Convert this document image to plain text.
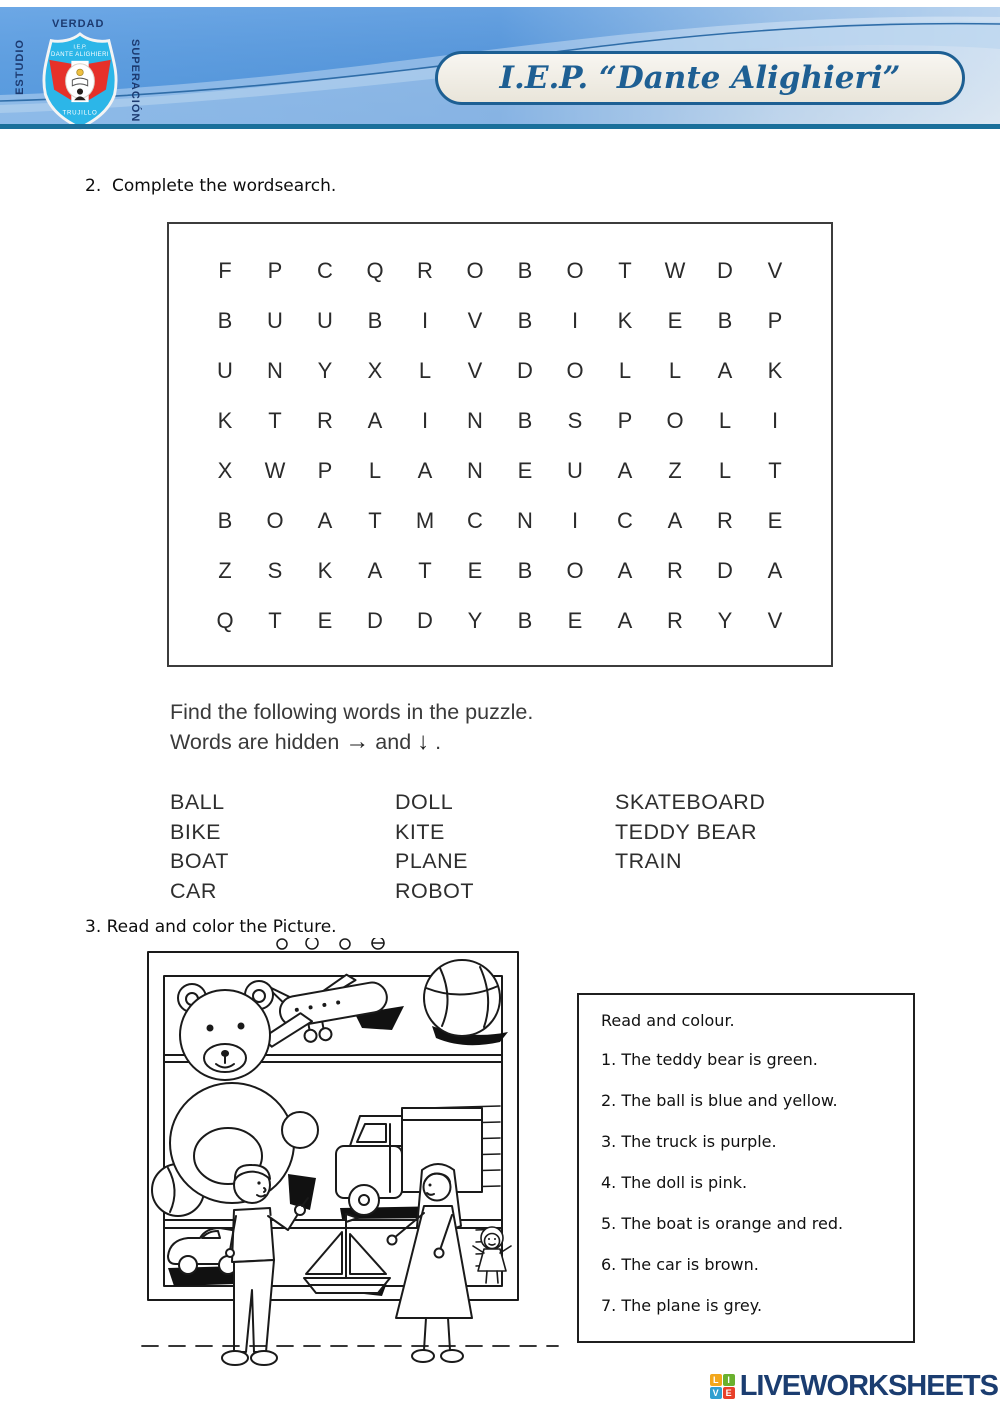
VERDAD
ESTUDIO	SUPERACIÓN
I.E.P.
DANTE ALIGHIERI
TRUJILLO
I.E.P. “Dante Alighieri”
2.  Complete the wordsearch.
F	P	C	Q	R	O	B	O	T	W	D	V
B	U	U	B	I	V	B	I	K	E	B	P
U	N	Y	X	L	V	D	O	L	L	A	K
K	T	R	A	I	N	B	S	P	O	L	I
X	W	P	L	A	N	E	U	A	Z	L	T
B	O	A	T	M	C	N	I	C	A	R	E
Z	S	K	A	T	E	B	O	A	R	D	A
Q	T	E	D	D	Y	B	E	A	R	Y	V
Find the following words in the puzzle.
Words are hidden → and ↓ .
BALL
BIKE
BOAT
CAR
DOLL
KITE
PLANE
ROBOT
SKATEBOARD
TEDDY BEAR
TRAIN
3. Read and color the Picture.
Read and colour.
1. The teddy bear is green.
2. The ball is blue and yellow.
3. The truck is purple.
4. The doll is pink.
5. The boat is orange and red.
6. The car is brown.
7. The plane is grey.
L I
V E LIVEWORKSHEETS
